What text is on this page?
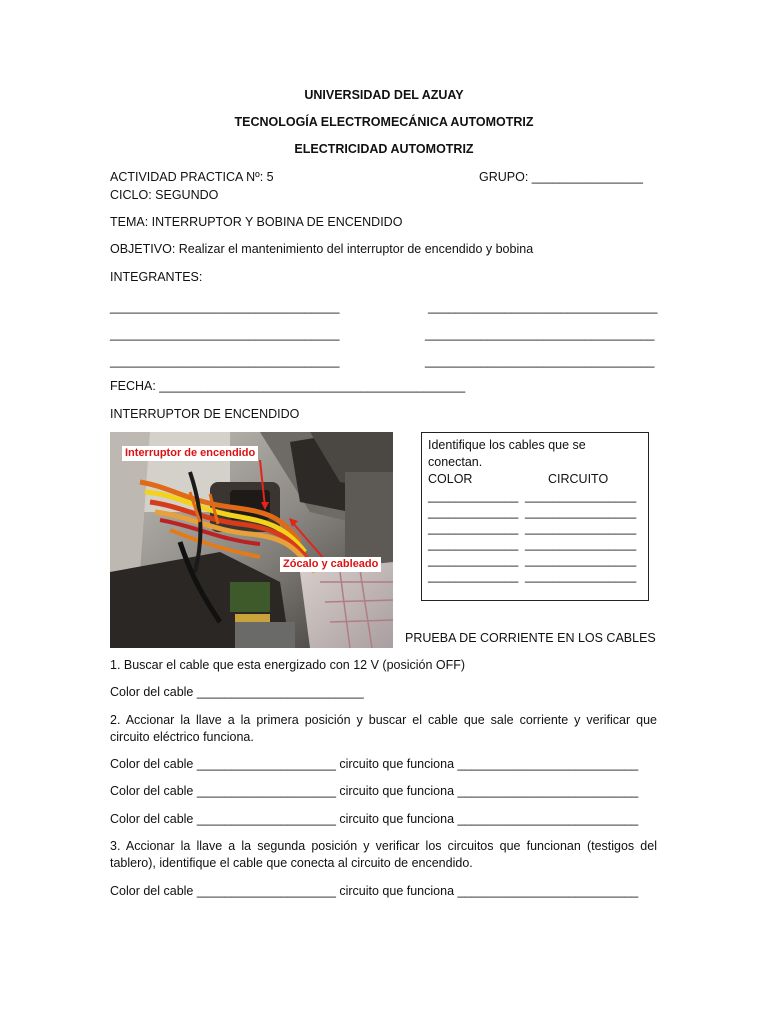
UNIVERSIDAD DEL AZUAY
TECNOLOGÍA ELECTROMECÁNICA AUTOMOTRIZ
ELECTRICIDAD AUTOMOTRIZ
ACTIVIDAD PRACTICA Nº: 5	GRUPO: ________________
CICLO: SEGUNDO
TEMA: INTERRUPTOR Y BOBINA DE ENCENDIDO
OBJETIVO: Realizar el mantenimiento del interruptor de encendido y bobina
INTEGRANTES:
_________________________________	_________________________________
_________________________________	_________________________________
_________________________________	_________________________________
FECHA: ____________________________________________
INTERRUPTOR DE ENCENDIDO
Interruptor de encendido
Zócalo y cableado
Identifique los cables que se
conectan.
COLOR	CIRCUITO
_____________ ________________
_____________ ________________
_____________ ________________
_____________ ________________
_____________ ________________
_____________ ________________
PRUEBA DE CORRIENTE EN LOS CABLES
1. Buscar el cable que esta energizado con 12 V (posición OFF)
Color del cable ________________________
2. Accionar la llave a la primera posición y buscar el cable que sale corriente y verificar que
circuito eléctrico funciona.
Color del cable ____________________ circuito que funciona __________________________
Color del cable ____________________ circuito que funciona __________________________
Color del cable ____________________ circuito que funciona __________________________
3. Accionar la llave a la segunda posición y verificar los circuitos que funcionan (testigos del
tablero), identifique el cable que conecta al circuito de encendido.
Color del cable ____________________ circuito que funciona __________________________
